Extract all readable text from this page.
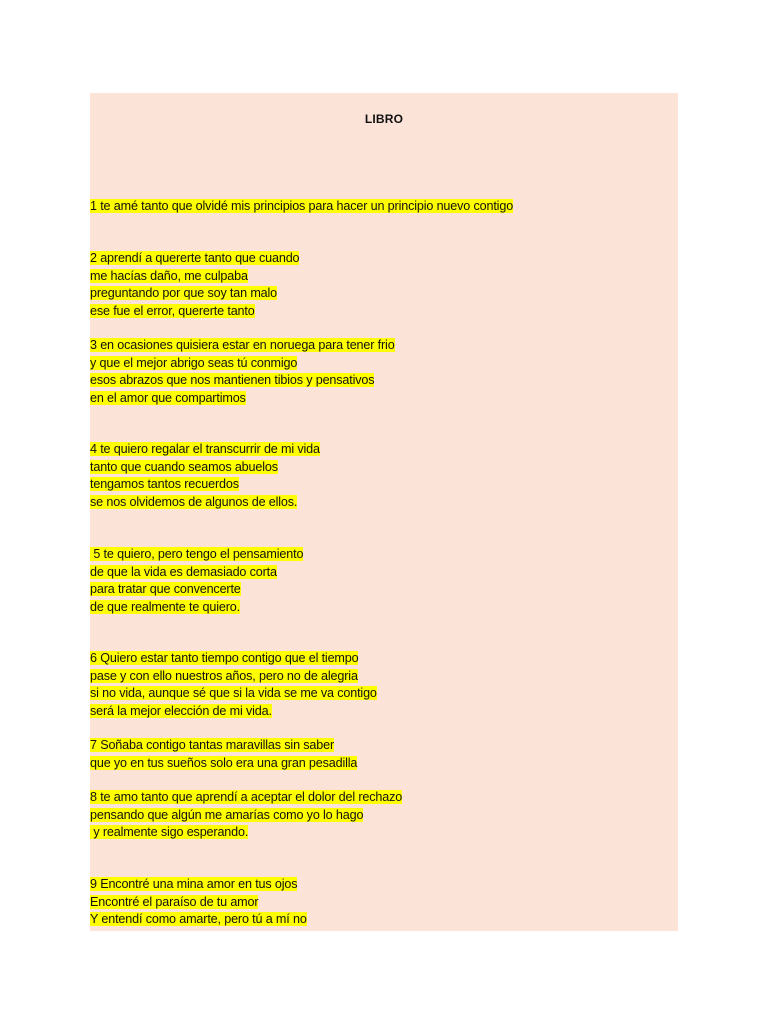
LIBRO
1 te amé tanto que olvidé mis principios para hacer un principio nuevo contigo
2 aprendí a quererte tanto que cuando
me hacías daño, me culpaba
preguntando por que soy tan malo
ese fue el error, quererte tanto
3 en ocasiones quisiera estar en noruega para tener frio
y que el mejor abrigo seas tú conmigo
esos abrazos que nos mantienen tibios y pensativos
en el amor que compartimos
4 te quiero regalar el transcurrir de mi vida
tanto que cuando seamos abuelos
tengamos tantos recuerdos
se nos olvidemos de algunos de ellos.
5 te quiero, pero tengo el pensamiento
de que la vida es demasiado corta
para tratar que convencerte
de que realmente te quiero.
6 Quiero estar tanto tiempo contigo que el tiempo
pase y con ello nuestros años, pero no de alegria
si no vida, aunque sé que si la vida se me va contigo
será la mejor elección de mi vida.
7 Soñaba contigo tantas maravillas sin saber
que yo en tus sueños solo era una gran pesadilla
8 te amo tanto que aprendí a aceptar el dolor del rechazo
pensando que algún me amarías como yo lo hago
y realmente sigo esperando.
9 Encontré una mina amor en tus ojos
Encontré el paraíso de tu amor
Y entendí como amarte, pero tú a mí no
